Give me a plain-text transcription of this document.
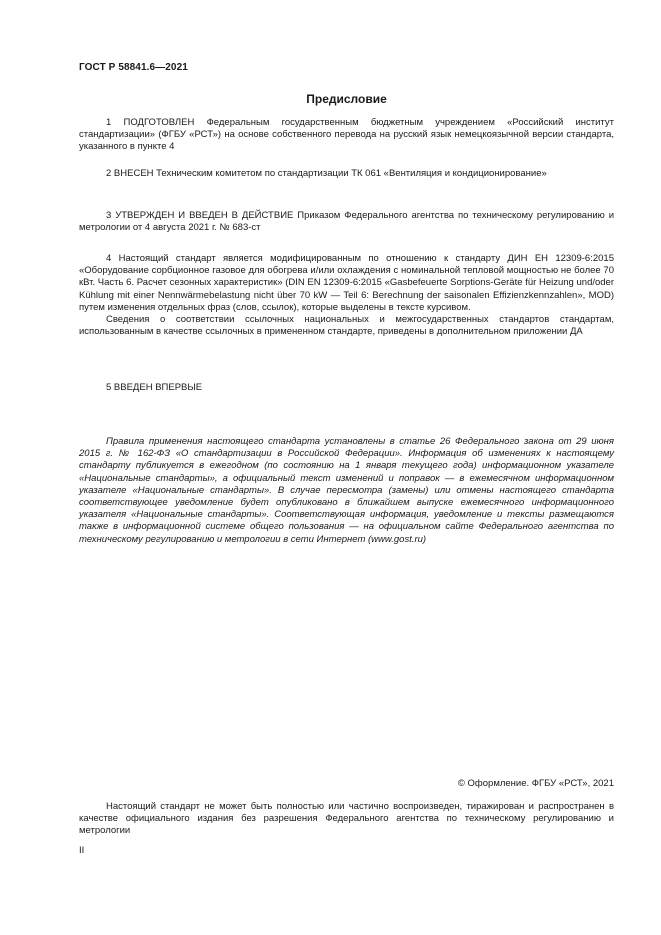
ГОСТ Р 58841.6—2021
Предисловие

1 ПОДГОТОВЛЕН Федеральным государственным бюджетным учреждением «Российский институт стандартизации» (ФГБУ «РСТ») на основе собственного перевода на русский язык немецкоязычной версии стандарта, указанного в пункте 4

2 ВНЕСЕН Техническим комитетом по стандартизации ТК 061 «Вентиляция и кондиционирование»

3 УТВЕРЖДЕН И ВВЕДЕН В ДЕЙСТВИЕ Приказом Федерального агентства по техническому регулированию и метрологии от 4 августа 2021 г. № 683-ст

4 Настоящий стандарт является модифицированным по отношению к стандарту ДИН ЕН 12309-6:2015 «Оборудование сорбционное газовое для обогрева и/или охлаждения с номинальной тепловой мощностью не более 70 кВт. Часть 6. Расчет сезонных характеристик» (DIN EN 12309-6:2015 «Gasbefeuerte Sorptions-Geräte für Heizung und/oder Kühlung mit einer Nennwärmebelastung nicht über 70 kW — Teil 6: Berechnung der saisonalen Effizienzkennzahlen», MOD) путем изменения отдельных фраз (слов, ссылок), которые выделены в тексте курсивом.

Сведения о соответствии ссылочных национальных и межгосударственных стандартов стандартам, использованным в качестве ссылочных в примененном стандарте, приведены в дополнительном приложении ДА

5 ВВЕДЕН ВПЕРВЫЕ

Правила применения настоящего стандарта установлены в статье 26 Федерального закона от 29 июня 2015 г. № 162-ФЗ «О стандартизации в Российской Федерации». Информация об изменениях к настоящему стандарту публикуется в ежегодном (по состоянию на 1 января текущего года) информационном указателе «Национальные стандарты», а официальный текст изменений и поправок — в ежемесячном информационном указателе «Национальные стандарты». В случае пересмотра (замены) или отмены настоящего стандарта соответствующее уведомление будет опубликовано в ближайшем выпуске ежемесячного информационного указателя «Национальные стандарты». Соответствующая информация, уведомление и тексты размещаются также в информационной системе общего пользования — на официальном сайте Федерального агентства по техническому регулированию и метрологии в сети Интернет (www.gost.ru)

© Оформление. ФГБУ «РСТ», 2021

Настоящий стандарт не может быть полностью или частично воспроизведен, тиражирован и распространен в качестве официального издания без разрешения Федерального агентства по техническому регулированию и метрологии

II
